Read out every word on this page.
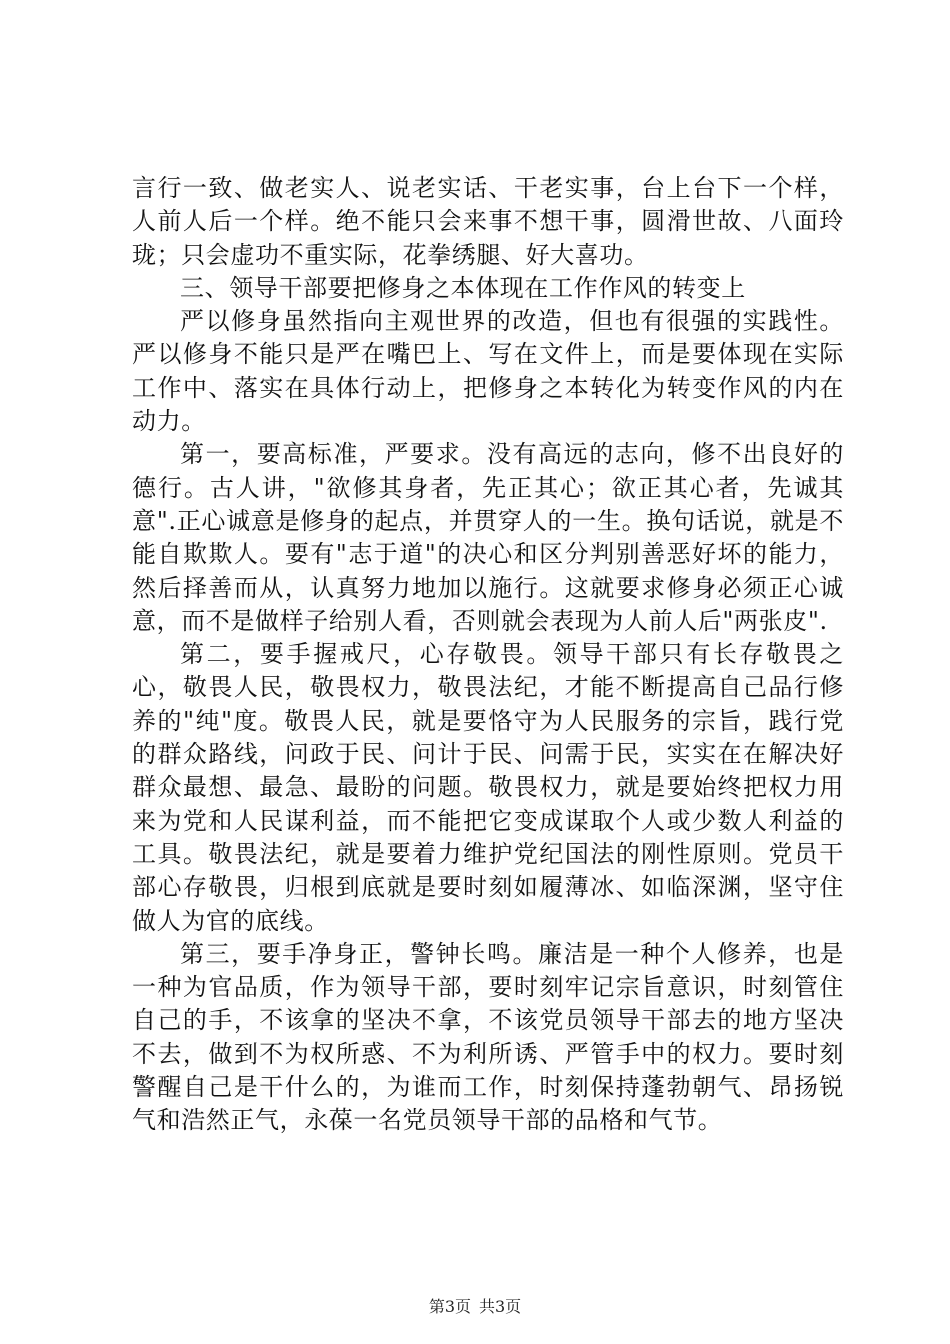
言行一致、做老实人、说老实话、干老实事，台上台下一个样，人前人后一个样。绝不能只会来事不想干事，圆滑世故、八面玲珑；只会虚功不重实际，花拳绣腿、好大喜功。

三、领导干部要把修身之本体现在工作作风的转变上

严以修身虽然指向主观世界的改造，但也有很强的实践性。严以修身不能只是严在嘴巴上、写在文件上，而是要体现在实际工作中、落实在具体行动上，把修身之本转化为转变作风的内在动力。

第一，要高标准，严要求。没有高远的志向，修不出良好的德行。古人讲，"欲修其身者，先正其心；欲正其心者，先诚其意".正心诚意是修身的起点，并贯穿人的一生。换句话说，就是不能自欺欺人。要有"志于道"的决心和区分判别善恶好坏的能力，然后择善而从，认真努力地加以施行。这就要求修身必须正心诚意，而不是做样子给别人看，否则就会表现为人前人后"两张皮".

第二，要手握戒尺，心存敬畏。领导干部只有长存敬畏之心，敬畏人民，敬畏权力，敬畏法纪，才能不断提高自己品行修养的"纯"度。敬畏人民，就是要恪守为人民服务的宗旨，践行党的群众路线，问政于民、问计于民、问需于民，实实在在解决好群众最想、最急、最盼的问题。敬畏权力，就是要始终把权力用来为党和人民谋利益，而不能把它变成谋取个人或少数人利益的工具。敬畏法纪，就是要着力维护党纪国法的刚性原则。党员干部心存敬畏，归根到底就是要时刻如履薄冰、如临深渊，坚守住做人为官的底线。

第三，要手净身正，警钟长鸣。廉洁是一种个人修养，也是一种为官品质，作为领导干部，要时刻牢记宗旨意识，时刻管住自己的手，不该拿的坚决不拿，不该党员领导干部去的地方坚决不去，做到不为权所惑、不为利所诱、严管手中的权力。要时刻警醒自己是干什么的，为谁而工作，时刻保持蓬勃朝气、昂扬锐气和浩然正气，永葆一名党员领导干部的品格和气节。

第3页 共3页
